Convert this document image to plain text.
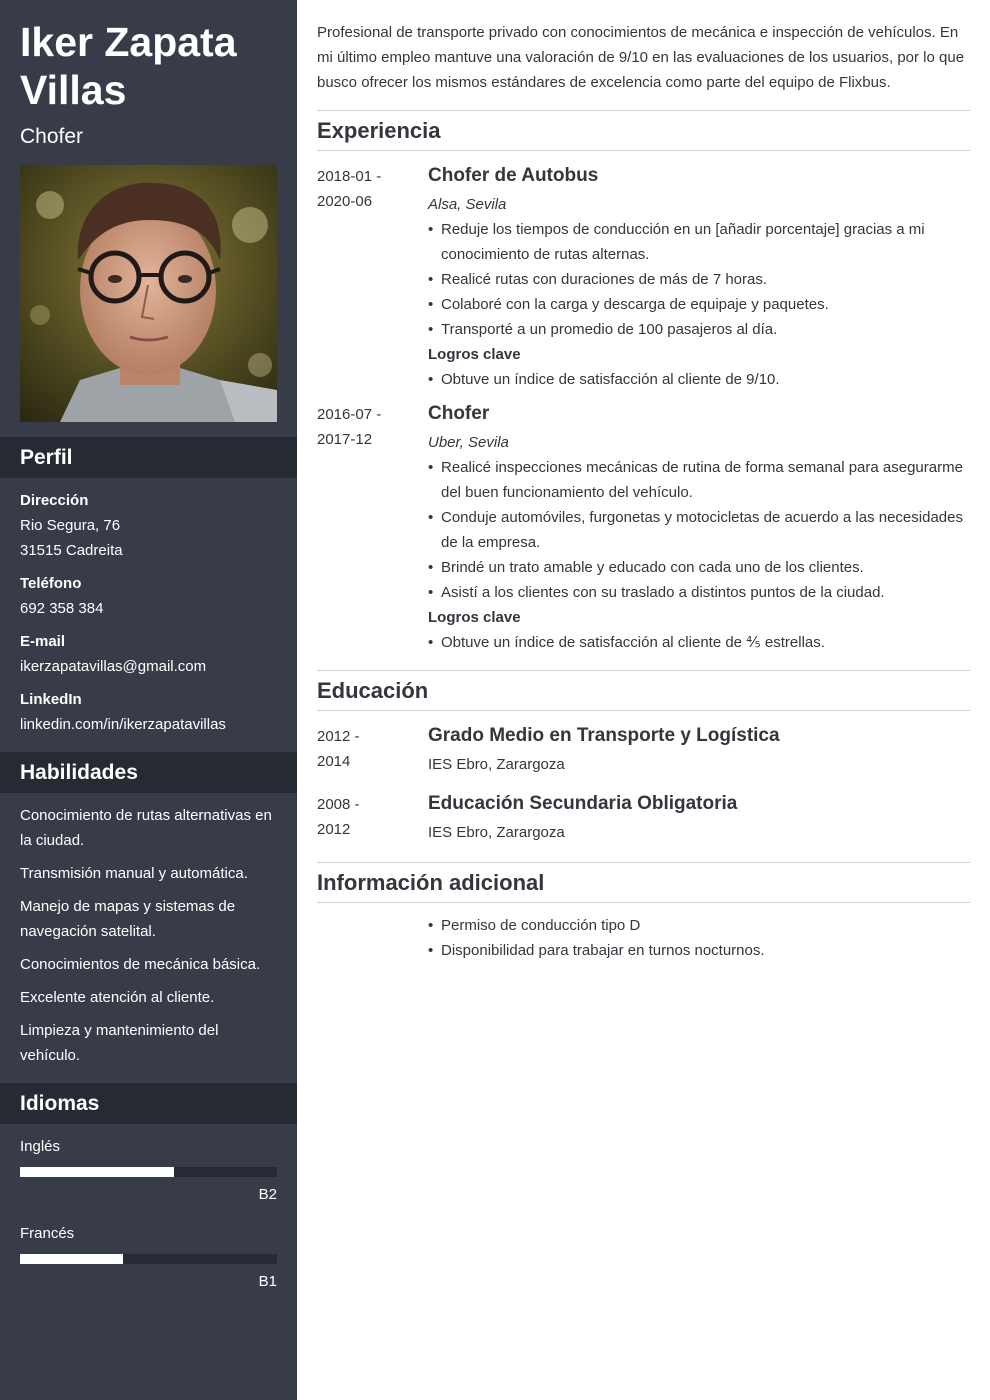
Iker Zapata Villas
Chofer
Perfil
Dirección
Rio Segura, 76
31515 Cadreita
Teléfono
692 358 384
E-mail
ikerzapatavillas@gmail.com
LinkedIn
linkedin.com/in/ikerzapatavillas
Habilidades
Conocimiento de rutas alternativas en la ciudad.
Transmisión manual y automática.
Manejo de mapas y sistemas de navegación satelital.
Conocimientos de mecánica básica.
Excelente atención al cliente.
Limpieza y mantenimiento del vehículo.
Idiomas
Inglés
B2
Francés
B1

Profesional de transporte privado con conocimientos de mecánica e inspección de vehículos. En mi último empleo mantuve una valoración de 9/10 en las evaluaciones de los usuarios, por lo que busco ofrecer los mismos estándares de excelencia como parte del equipo de Flixbus.

Experiencia
2018-01 -
2020-06
Chofer de Autobus
Alsa, Sevila
• Reduje los tiempos de conducción en un [añadir porcentaje] gracias a mi conocimiento de rutas alternas.
• Realicé rutas con duraciones de más de 7 horas.
• Colaboré con la carga y descarga de equipaje y paquetes.
• Transporté a un promedio de 100 pasajeros al día.
Logros clave
• Obtuve un índice de satisfacción al cliente de 9/10.
2016-07 -
2017-12
Chofer
Uber, Sevila
• Realicé inspecciones mecánicas de rutina de forma semanal para asegurarme del buen funcionamiento del vehículo.
• Conduje automóviles, furgonetas y motocicletas de acuerdo a las necesidades de la empresa.
• Brindé un trato amable y educado con cada uno de los clientes.
• Asistí a los clientes con su traslado a distintos puntos de la ciudad.
Logros clave
• Obtuve un índice de satisfacción al cliente de ⅘ estrellas.
Educación
2012 -
2014
Grado Medio en Transporte y Logística
IES Ebro, Zarargoza
2008 -
2012
Educación Secundaria Obligatoria
IES Ebro, Zarargoza
Información adicional
• Permiso de conducción tipo D
• Disponibilidad para trabajar en turnos nocturnos.
